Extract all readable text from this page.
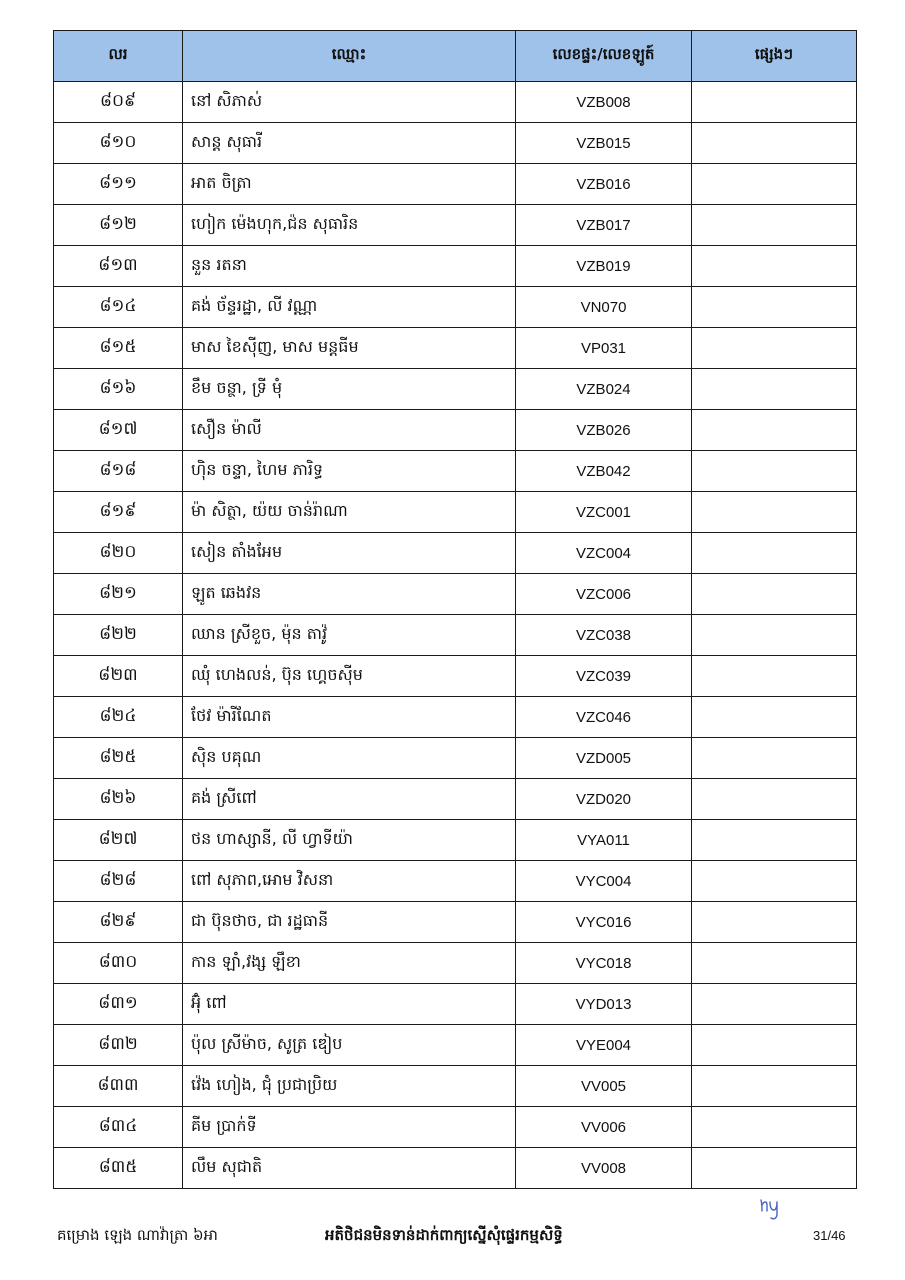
លរ	ឈ្មោះ	លេខផ្ទះ/លេខឡូត៍	ផ្សេងៗ
៨០៩	នៅ សិភាស់	VZB008	
៨១០	សាន្ត សុធារី	VZB015	
៨១១	អាត ចិត្រា	VZB016	
៨១២	ហៀក ម៉េងហុក,ជ៉ន សុធារិន	VZB017	
៨១៣	នួន រតនា	VZB019	
៨១៤	គង់ ច័ន្ទរដ្ឋា, លី វណ្ណា	VN070	
៨១៥	មាស ខៃស៊ីញ, មាស មន្តធីម	VP031	
៨១៦	ខឹម ចន្ថា, ទ្រី មុំ	VZB024	
៨១៧	សឿន ម៉ាលី	VZB026	
៨១៨	ហ៊ិន ចន្ទា, ហៃម ភារិទ្ធ	VZB042	
៨១៩	ម៉ា សិត្ថា, យ៉យ ចាន់រ៉ាណា	VZC001	
៨២០	សៀន តាំងអែម	VZC004	
៨២១	ឡូត ឆេងវន	VZC006	
៨២២	ឈាន ស្រីខួច, ម៉ុន តាវ៉ូ	VZC038	
៨២៣	ឈុំ ហេងលន់, ប៊ុន ហ្គេចស៊ីម	VZC039	
៨២៤	ថែវ ម៉ារីណែត	VZC046	
៨២៥	ស៊ិន បគុណ	VZD005	
៨២៦	គង់ ស្រីពៅ	VZD020	
៨២៧	ថន ហាស្សានី, លី ហ្វាទីយ៉ា	VYA011	
៨២៨	ពៅ សុភាព,អោម វិសនា	VYC004	
៨២៩	ជា ប៊ុនថាច, ជា រដ្ឋធានី	VYC016	
៨៣០	កាន ឡាំ,វង្ស ឡឹខា	VYC018	
៨៣១	អ៊ុំ ពៅ	VYD013	
៨៣២	ប៉ុល ស្រីម៉ាច, សូត្រ ឌៀប	VYE004	
៨៣៣	វ៉េង ហៀង, ជុំ ប្រជាប្រិយ	VV005	
៨៣៤	គីម ប្រាក់ទី	VV006	
៨៣៥	លឹម សុជាតិ	VV008	
គម្រោង ឡេង ណាវ៉ាត្រា ៦អា	អតិថិជនមិនទាន់ដាក់ពាក្យស្នើសុំផ្ទេរកម្មសិទ្ធិ	31/46
